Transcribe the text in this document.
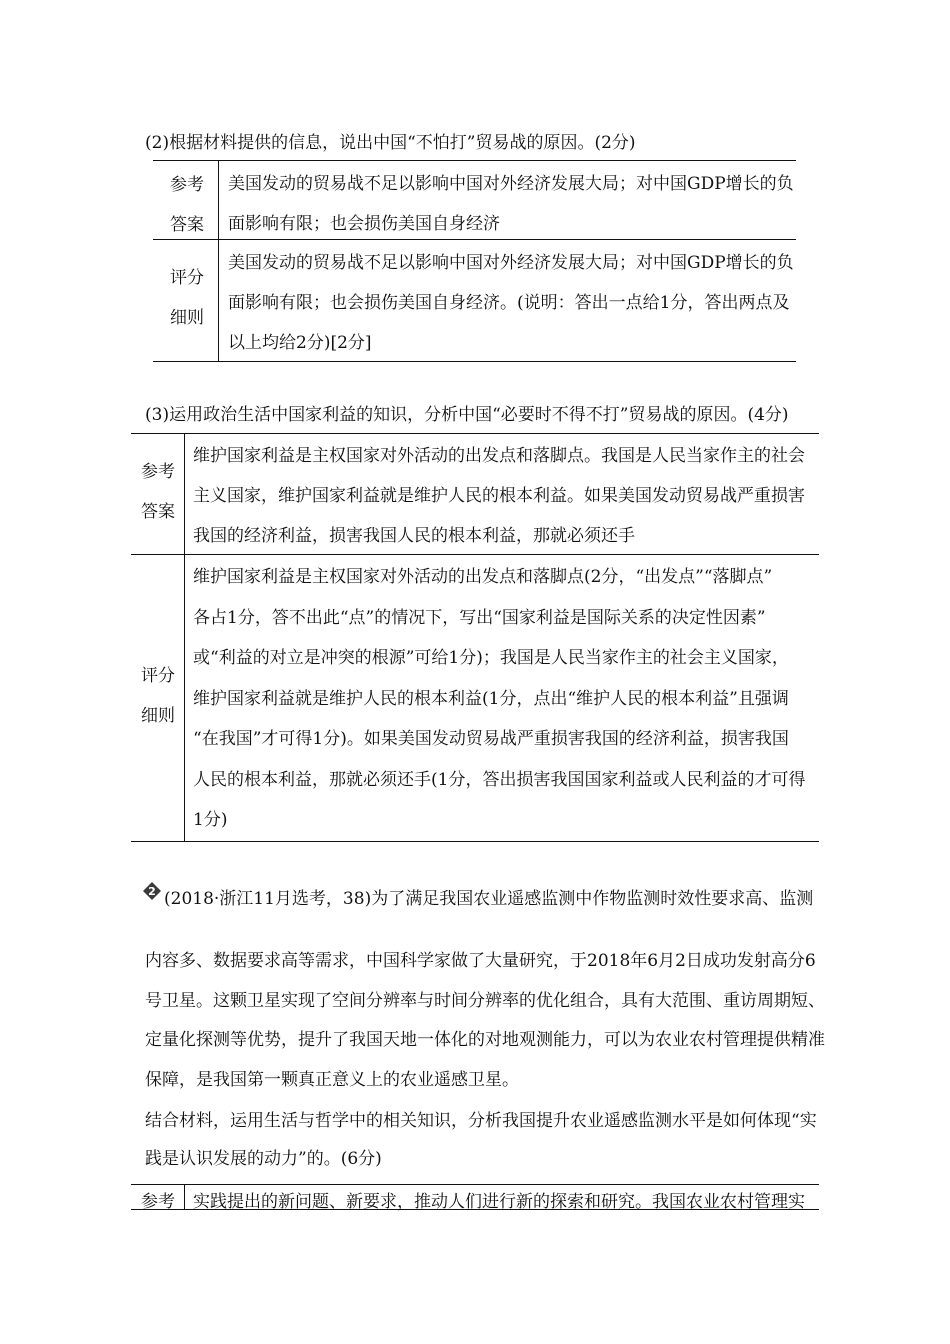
(2)根据材料提供的信息，说出中国“不怕打”贸易战的原因。(2分)
参考
答案
美国发动的贸易战不足以影响中国对外经济发展大局；对中国GDP增长的负
面影响有限；也会损伤美国自身经济
评分
细则
美国发动的贸易战不足以影响中国对外经济发展大局；对中国GDP增长的负
面影响有限；也会损伤美国自身经济。(说明：答出一点给1分，答出两点及
以上均给2分)[2分]
(3)运用政治生活中国家利益的知识，分析中国“必要时不得不打”贸易战的原因。(4分)
参考
答案
维护国家利益是主权国家对外活动的出发点和落脚点。我国是人民当家作主的社会
主义国家，维护国家利益就是维护人民的根本利益。如果美国发动贸易战严重损害
我国的经济利益，损害我国人民的根本利益，那就必须还手
评分
细则
维护国家利益是主权国家对外活动的出发点和落脚点(2分，“出发点”“落脚点”
各占1分，答不出此“点”的情况下，写出“国家利益是国际关系的决定性因素”
或“利益的对立是冲突的根源”可给1分)；我国是人民当家作主的社会主义国家，
维护国家利益就是维护人民的根本利益(1分，点出“维护人民的根本利益”且强调
“在我国”才可得1分)。如果美国发动贸易战严重损害我国的经济利益，损害我国
人民的根本利益，那就必须还手(1分，答出损害我国国家利益或人民利益的才可得
1分)
2 (2018·浙江11月选考，38)为了满足我国农业遥感监测中作物监测时效性要求高、监测
内容多、数据要求高等需求，中国科学家做了大量研究，于2018年6月2日成功发射高分6
号卫星。这颗卫星实现了空间分辨率与时间分辨率的优化组合，具有大范围、重访周期短、
定量化探测等优势，提升了我国天地一体化的对地观测能力，可以为农业农村管理提供精准
保障，是我国第一颗真正意义上的农业遥感卫星。
结合材料，运用生活与哲学中的相关知识，分析我国提升农业遥感监测水平是如何体现“实
践是认识发展的动力”的。(6分)
参考	实践提出的新问题、新要求，推动人们进行新的探索和研究。我国农业农村管理实
